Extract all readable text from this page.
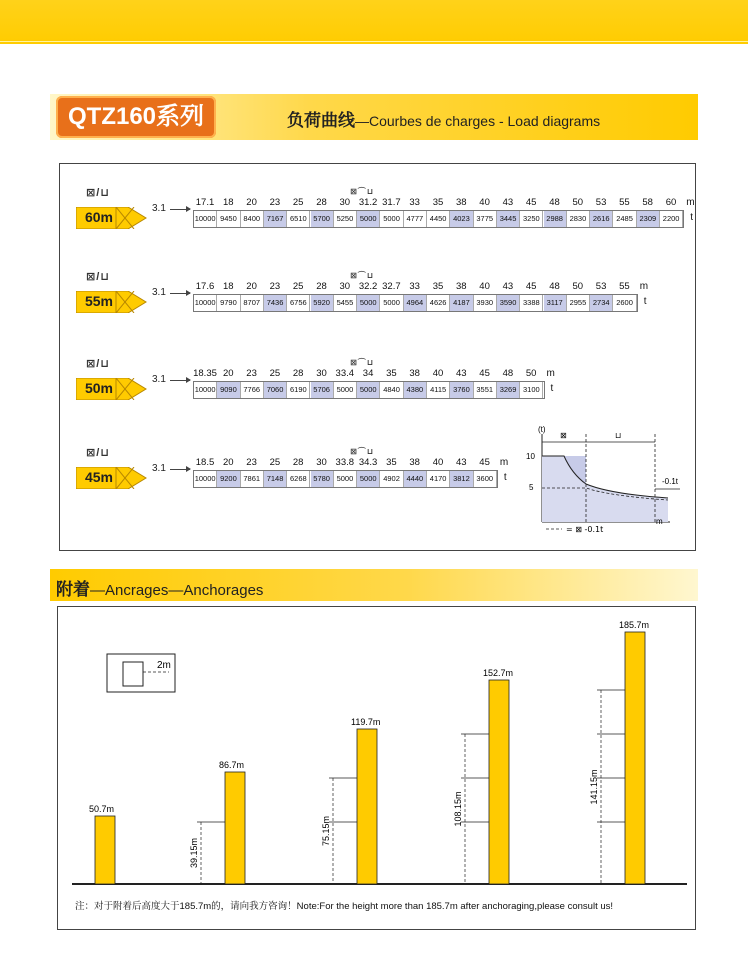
QTZ160系列	负荷曲线—Courbes de charges - Load diagrams
⊠/⊔
60m
3.1
17.1 18	20	23	25	28	30 31.2 31.7 33	35	38	40	43	45	48	50	53	55	58	60
10000 9450 8400 7167 6510 5700 5250 5000 5000 4777 4450 4023 3775 3445 3250 2988 2830 2616 2485 2309 2200
m
t
⊠⌒⊔
⊠/⊔
55m
3.1
17.6 18	20	23	25	28	30 32.2 32.7 33	35	38	40	43	45	48	50	53	55
10000 9790 8707 7436 6756 5920 5455 5000 5000 4964 4626 4187 3930 3590 3388 3117 2955 2734 2600
m
t
⊠⌒⊔
⊠/⊔
50m
3.1
18.35 20	23	25	28	30 33.4 34	35	38	40	43	45	48	50
10000 9090 7766 7060 6190 5706 5000 5000 4840 4380 4115 3760 3551 3269 3100
m
t
⊠⌒⊔
⊠/⊔
45m
3.1
18.5 20	23	25	28	30 33.8 34.3 35	38	40	43	45
10000 9200 7861 7148 6268 5780 5000 5000 4902 4440 4170 3812 3600
m
t
⊠⌒⊔
(t)
10
5
⊠	⊔
-0.1t
m
= ⊠ -0.1t
附着—Ancrages—Anchorages
2m
50.7m
86.7m
39.15m
119.7m
75.15m
152.7m
108.15m
185.7m
141.15m
注：对于附着后高度大于185.7m的，请向我方咨询！Note:For the height more than 185.7m after anchoraging,please consult us!
